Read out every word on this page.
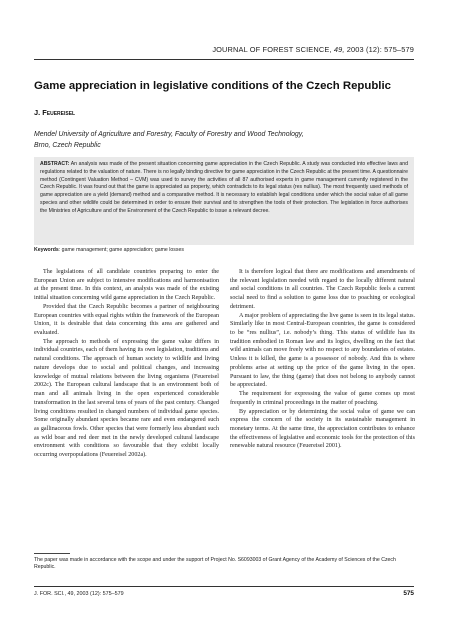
JOURNAL OF FOREST SCIENCE, 49, 2003 (12): 575–579
Game appreciation in legislative conditions of the Czech Republic
J. Feuereisel
Mendel University of Agriculture and Forestry, Faculty of Forestry and Wood Technology,
Brno, Czech Republic

ABSTRACT: An analysis was made of the present situation concerning game appreciation in the Czech Republic. A study was conducted into effective laws and regulations related to the valuation of nature. There is no legally binding directive for game appreciation in the Czech Republic at the present time. A questionnaire method (Contingent Valuation Method – CVM) was used to survey the activities of all 87 authorised experts in game management currently registered in the Czech Republic. It was found out that the game is appreciated as property, which contradicts to its legal status (res nullius). The most frequently used methods of game appreciation are a yield (demand) method and a comparative method. It is necessary to establish legal conditions under which the social value of all game species and other wildlife could be determined in order to ensure their survival and to strengthen the tools of their protection. The legislation in force authorises the Ministries of Agriculture and of the Environment of the Czech Republic to issue a relevant decree.

Keywords: game management; game appreciation; game losses

The legislations of all candidate countries preparing to enter the European Union are subject to intensive modifications and harmonisation at the present time. In this context, an analysis was made of the existing initial situation concerning wild game appreciation in the Czech Republic.

Provided that the Czech Republic becomes a partner of neighbouring European countries with equal rights within the framework of the European Union, it is desirable that data concerning this area are gathered and evaluated.

The approach to methods of expressing the game value differs in individual countries, each of them having its own legislation, traditions and natural conditions. The approach of human society to wildlife and living nature develops due to social and political changes, and increasing knowledge of mutual relations between the living organisms (Feuereisel 2002c). The European cultural landscape that is an environment both of man and all animals living in the open experienced considerable transformation in the last several tens of years of the past century. Changed living conditions resulted in changed numbers of individual game species. Some originally abundant species became rare and even endangered such as gallinaceous fowls. Other species that were formerly less abundant such as wild boar and red deer met in the newly developed cultural landscape environment with conditions so favourable that they exhibit locally occurring overpopulations (Feuereisel 2002a).

It is therefore logical that there are modifications and amendments of the relevant legislation needed with regard to the locally different natural and social conditions in all countries. The Czech Republic feels a current social need to find a solution to game loss due to poaching or ecological detriment.

A major problem of appreciating the live game is seen in its legal status. Similarly like in most Central-European countries, the game is considered to be “res nullius”, i.e. nobody’s thing. This status of wildlife has its tradition embodied in Roman law and its logics, dwelling on the fact that wild animals can move freely with no respect to any boundaries of estates. Unless it is killed, the game is a possessor of nobody. And this is where problems arise at setting up the price of the game living in the open. Pursuant to law, the thing (game) that does not belong to anybody cannot be appreciated.

The requirement for expressing the value of game comes up most frequently in criminal proceedings in the matter of poaching.

By appreciation or by determining the social value of game we can express the concern of the society in its sustainable management in monetary terms. At the same time, the appreciation contributes to enhance the effectiveness of legislative and economic tools for the protection of this renewable natural resource (Feuereisel 2001).

The paper was made in accordance with the scope and under the support of Project No. S6093003 of Grant Agency of the Academy of Sciences of the Czech Republic.
J. FOR. SCI., 49, 2003 (12): 575–579	575
